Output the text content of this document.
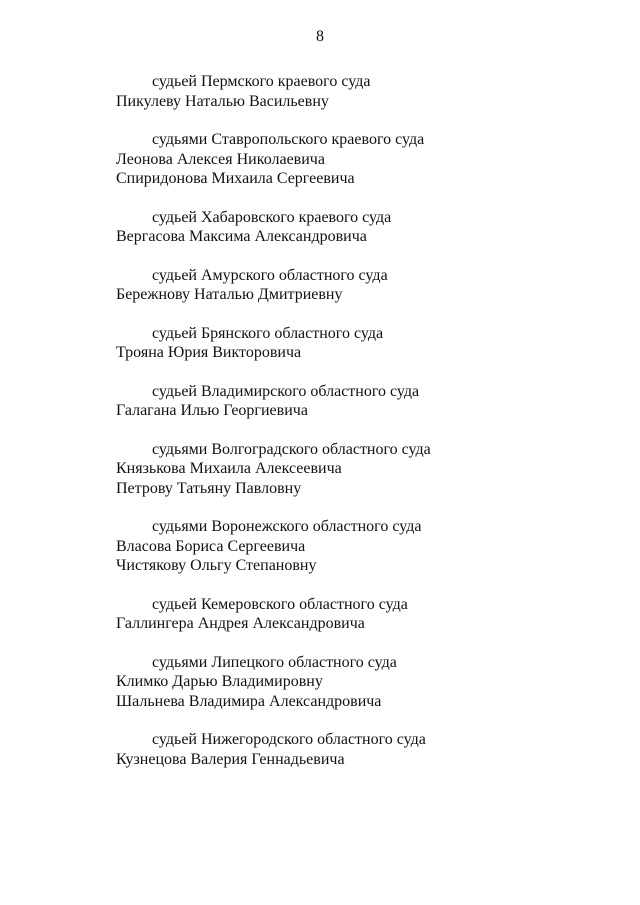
8
судьей Пермского краевого суда
Пикулеву Наталью Васильевну
судьями Ставропольского краевого суда
Леонова Алексея Николаевича
Спиридонова Михаила Сергеевича
судьей Хабаровского краевого суда
Вергасова Максима Александровича
судьей Амурского областного суда
Бережнову Наталью Дмитриевну
судьей Брянского областного суда
Трояна Юрия Викторовича
судьей Владимирского областного суда
Галагана Илью Георгиевича
судьями Волгоградского областного суда
Князькова Михаила Алексеевича
Петрову Татьяну Павловну
судьями Воронежского областного суда
Власова Бориса Сергеевича
Чистякову Ольгу Степановну
судьей Кемеровского областного суда
Галлингера Андрея Александровича
судьями Липецкого областного суда
Климко Дарью Владимировну
Шальнева Владимира Александровича
судьей Нижегородского областного суда
Кузнецова Валерия Геннадьевича
